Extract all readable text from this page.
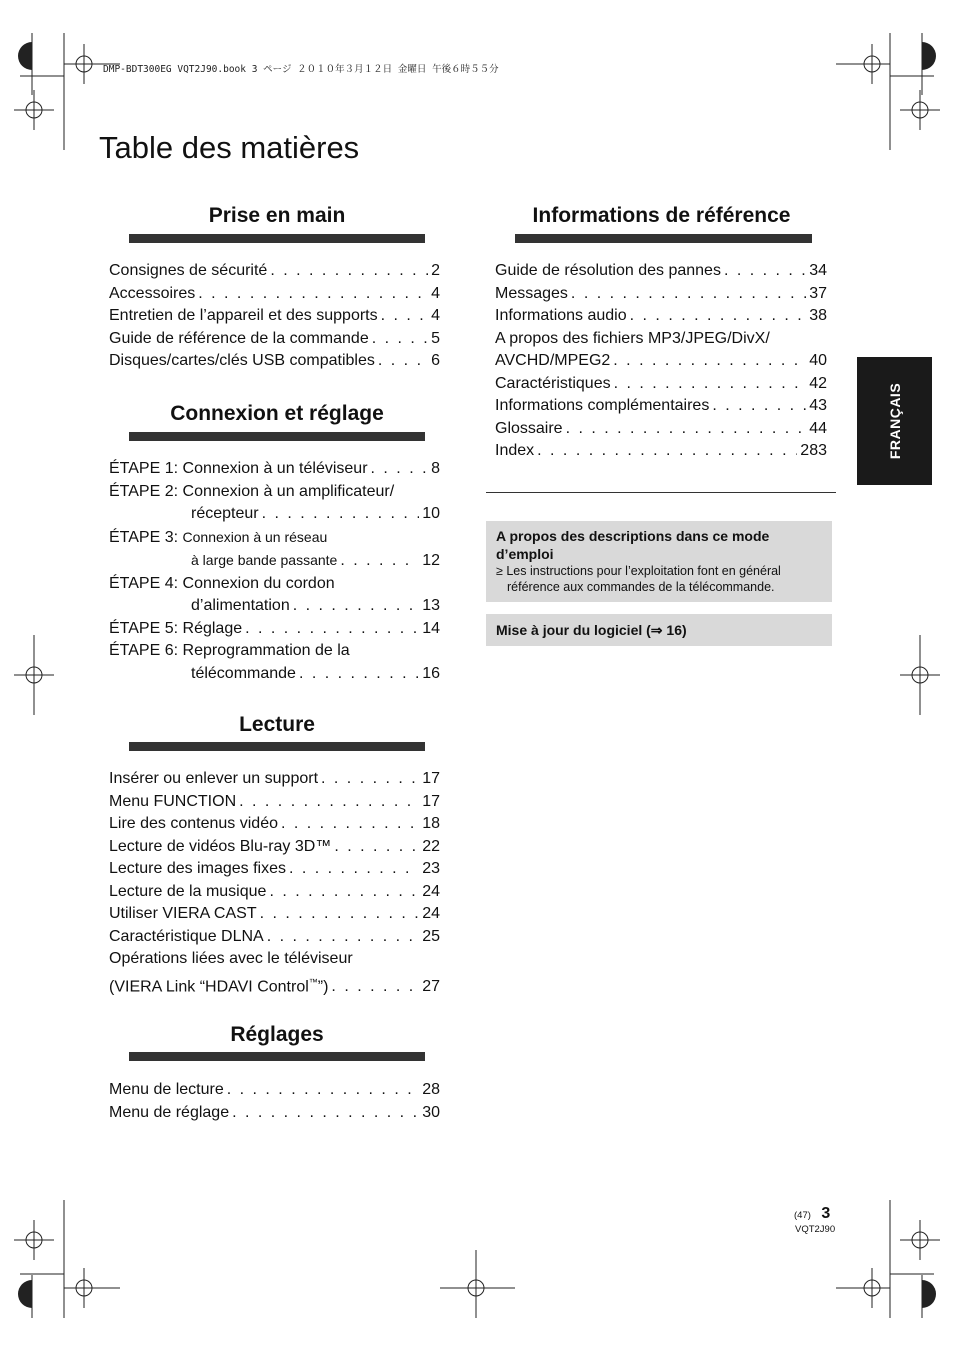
DMP-BDT300EG VQT2J90.book 3 ページ ２０１０年３月１２日 金曜日 午後６時５５分
Table des matières
FRANÇAIS
Prise en main
Consignes de sécurité . . .	2
Accessoires . . .	4
Entretien de l’appareil et des supports . . .	4
Guide de référence de la commande . . .	5
Disques/cartes/clés USB compatibles . . .	6
Connexion et réglage
ÉTAPE 1: Connexion à un téléviseur . . .	8
ÉTAPE 2: Connexion à un amplificateur/
récepteur . . .	10
ÉTAPE 3: Connexion à un réseau
à large bande passante . . .	12
ÉTAPE 4: Connexion du cordon
d’alimentation . . .	13
ÉTAPE 5: Réglage . . .	14
ÉTAPE 6: Reprogrammation de la
télécommande . . .	16
Lecture
Insérer ou enlever un support . . .	17
Menu FUNCTION . . .	17
Lire des contenus vidéo . . .	18
Lecture de vidéos Blu-ray 3D™ . . .	22
Lecture des images fixes . . .	23
Lecture de la musique . . .	24
Utiliser VIERA CAST . . .	24
Caractéristique DLNA . . .	25
Opérations liées avec le téléviseur
(VIERA Link “HDAVI Control™”) . . .	27
Réglages
Menu de lecture . . .	28
Menu de réglage . . .	30
Informations de référence
Guide de résolution des pannes . . .	34
Messages . . .	37
Informations audio . . .	38
A propos des fichiers MP3/JPEG/DivX/
AVCHD/MPEG2 . . .	40
Caractéristiques . . .	42
Informations complémentaires . . .	43
Glossaire . . .	44
Index . . .	283
A propos des descriptions dans ce mode d’emploi
≥ Les instructions pour l’exploitation font en général référence aux commandes de la télécommande.
Mise à jour du logiciel (⇒ 16)
(47) 3
VQT2J90
